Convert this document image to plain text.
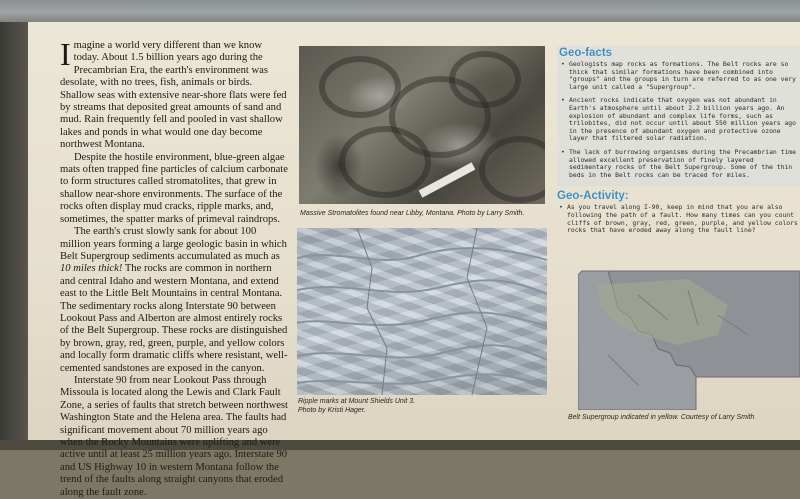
Imagine a world very different than we know today. About 1.5 billion years ago during the Precambrian Era, the earth's environment was desolate, with no trees, fish, animals or birds. Shallow seas with extensive near-shore flats were fed by streams that deposited great amounts of sand and mud. Rain frequently fell and pooled in vast shallow lakes and ponds in what would one day become northwest Montana.

Despite the hostile environment, blue-green algae mats often trapped fine particles of calcium carbonate to form structures called stromatolites, that grew in shallow near-shore environments. The surface of the rocks often display mud cracks, ripple marks, and, sometimes, the spatter marks of primeval raindrops.

The earth's crust slowly sank for about 100 million years forming a large geologic basin in which Belt Supergroup sediments accumulated as much as 10 miles thick! The rocks are common in northern and central Idaho and western Montana, and extend east to the Little Belt Mountains in central Montana. The sedimentary rocks along Interstate 90 between Lookout Pass and Alberton are almost entirely rocks of the Belt Supergroup. These rocks are distinguished by brown, gray, red, green, purple, and yellow colors and locally form dramatic cliffs where resistant, well-cemented sandstones are exposed in the canyon.

Interstate 90 from near Lookout Pass through Missoula is located along the Lewis and Clark Fault Zone, a series of faults that stretch between northwest Washington State and the Helena area. The faults had significant movement about 70 million years ago when the Rocky Mountains were uplifting and were active until at least 25 million years ago. Interstate 90 and US Highway 10 in western Montana follow the trend of the faults along straight canyons that eroded along the fault zone.

Massive Stromatolites found near Libby, Montana. Photo by Larry Smith.
Ripple marks at Mount Shields Unit 3.
Photo by Kristi Hager.
Geo-facts
• Geologists map rocks as formations. The Belt rocks are so thick that similar formations have been combined into "groups" and the groups in turn are referred to as one very large unit called a "Supergroup".
• Ancient rocks indicate that oxygen was not abundant in Earth's atmosphere until about 2.2 billion years ago. An explosion of abundant and complex life forms, such as trilobites, did not occur until about 550 million years ago in the presence of abundant oxygen and protective ozone layer that filtered solar radiation.
• The lack of burrowing organisms during the Precambrian time allowed excellent preservation of finely layered sedimentary rocks of the Belt Supergroup. Some of the thin beds in the Belt rocks can be traced for miles.
Geo-Activity:
• As you travel along I-90, keep in mind that you are also following the path of a fault. How many times can you count cliffs of brown, gray, red, green, purple, and yellow colors rocks that have eroded away along the fault line?
Belt Supergroup indicated in yellow. Courtesy of Larry Smith
